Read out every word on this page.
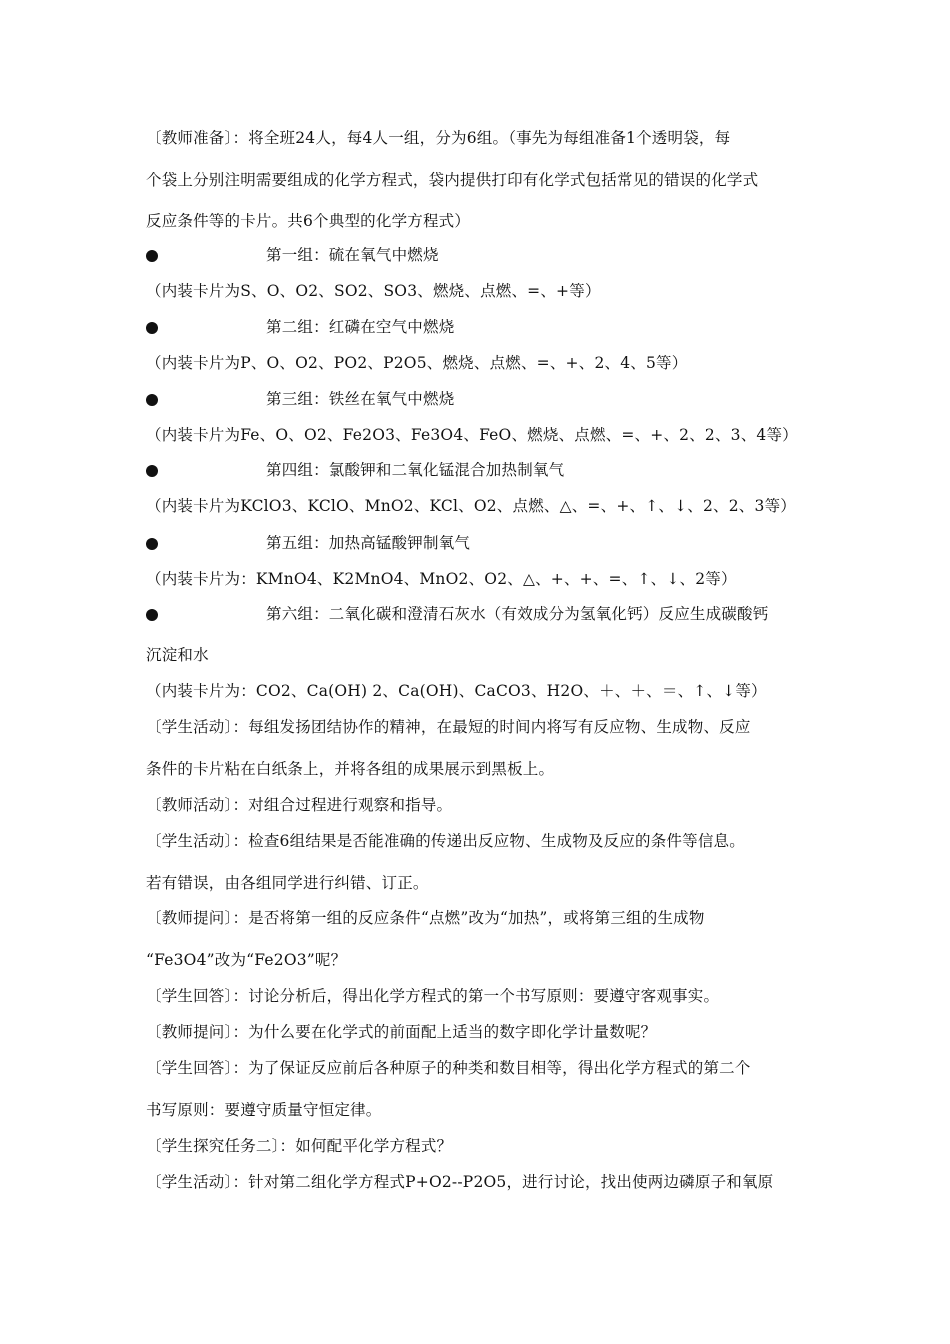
〔教师准备〕：将全班24人，每4人一组，分为6组。（事先为每组准备1个透明袋，每
个袋上分别注明需要组成的化学方程式，袋内提供打印有化学式包括常见的错误的化学式
反应条件等的卡片。共6个典型的化学方程式）
第一组：硫在氧气中燃烧
（内装卡片为S、O、O2、SO2、SO3、燃烧、点燃、=、+等）
第二组：红磷在空气中燃烧
（内装卡片为P、O、O2、PO2、P2O5、燃烧、点燃、=、+、2、4、5等）
第三组：铁丝在氧气中燃烧
（内装卡片为Fe、O、O2、Fe2O3、Fe3O4、FeO、燃烧、点燃、=、+、2、2、3、4等）
第四组：氯酸钾和二氧化锰混合加热制氧气
（内装卡片为KClO3、KClO、MnO2、KCl、O2、点燃、△、=、+、↑、↓、2、2、3等）
第五组：加热高锰酸钾制氧气
（内装卡片为：KMnO4、K2MnO4、MnO2、O2、△、+、+、=、↑、↓、2等）
第六组：二氧化碳和澄清石灰水（有效成分为氢氧化钙）反应生成碳酸钙
沉淀和水
（内装卡片为：CO2、Ca(OH) 2、Ca(OH)、CaCO3、H2O、＋、＋、＝、↑、↓等）
〔学生活动〕：每组发扬团结协作的精神，在最短的时间内将写有反应物、生成物、反应
条件的卡片粘在白纸条上，并将各组的成果展示到黑板上。
〔教师活动〕：对组合过程进行观察和指导。
〔学生活动〕：检查6组结果是否能准确的传递出反应物、生成物及反应的条件等信息。
若有错误，由各组同学进行纠错、订正。
〔教师提问〕：是否将第一组的反应条件“点燃”改为“加热”，或将第三组的生成物
“Fe3O4”改为“Fe2O3”呢？
〔学生回答〕：讨论分析后，得出化学方程式的第一个书写原则：要遵守客观事实。
〔教师提问〕：为什么要在化学式的前面配上适当的数字即化学计量数呢？
〔学生回答〕：为了保证反应前后各种原子的种类和数目相等，得出化学方程式的第二个
书写原则：要遵守质量守恒定律。
〔学生探究任务二〕：如何配平化学方程式？
〔学生活动〕：针对第二组化学方程式P+O2--P2O5，进行讨论，找出使两边磷原子和氧原
